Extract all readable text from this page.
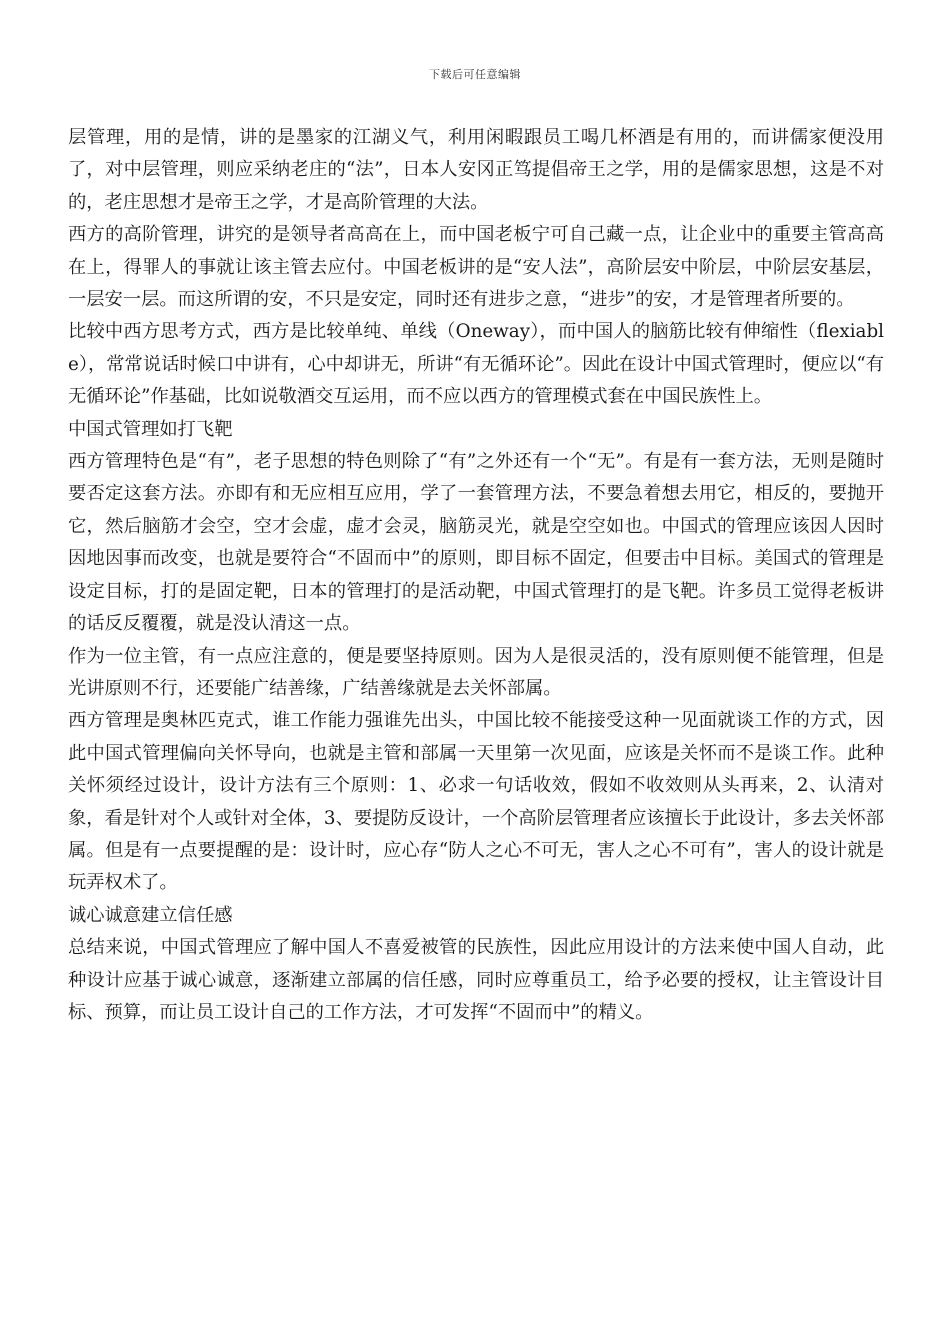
下载后可任意编辑

层管理，用的是情，讲的是墨家的江湖义气，利用闲暇跟员工喝几杯酒是有用的，而讲儒家便没用了，对中层管理，则应采纳老庄的“法”，日本人安冈正笃提倡帝王之学，用的是儒家思想，这是不对的，老庄思想才是帝王之学，才是高阶管理的大法。

西方的高阶管理，讲究的是领导者高高在上，而中国老板宁可自己藏一点，让企业中的重要主管高高在上，得罪人的事就让该主管去应付。中国老板讲的是“安人法”，高阶层安中阶层，中阶层安基层，一层安一层。而这所谓的安，不只是安定，同时还有进步之意，“进步”的安，才是管理者所要的。

比较中西方思考方式，西方是比较单纯、单线（Oneway），而中国人的脑筋比较有伸缩性（flexiable），常常说话时候口中讲有，心中却讲无，所讲“有无循环论”。因此在设计中国式管理时，便应以“有无循环论”作基础，比如说敬酒交互运用，而不应以西方的管理模式套在中国民族性上。

中国式管理如打飞靶

西方管理特色是“有”，老子思想的特色则除了“有”之外还有一个“无”。有是有一套方法，无则是随时要否定这套方法。亦即有和无应相互应用，学了一套管理方法，不要急着想去用它，相反的，要抛开它，然后脑筋才会空，空才会虚，虚才会灵，脑筋灵光，就是空空如也。中国式的管理应该因人因时因地因事而改变，也就是要符合“不固而中”的原则，即目标不固定，但要击中目标。美国式的管理是设定目标，打的是固定靶，日本的管理打的是活动靶，中国式管理打的是飞靶。许多员工觉得老板讲的话反反覆覆，就是没认清这一点。

作为一位主管，有一点应注意的，便是要坚持原则。因为人是很灵活的，没有原则便不能管理，但是光讲原则不行，还要能广结善缘，广结善缘就是去关怀部属。

西方管理是奥林匹克式，谁工作能力强谁先出头，中国比较不能接受这种一见面就谈工作的方式，因此中国式管理偏向关怀导向，也就是主管和部属一天里第一次见面，应该是关怀而不是谈工作。此种关怀须经过设计，设计方法有三个原则：1、必求一句话收效，假如不收效则从头再来，2、认清对象，看是针对个人或针对全体，3、要提防反设计，一个高阶层管理者应该擅长于此设计，多去关怀部属。但是有一点要提醒的是：设计时，应心存“防人之心不可无，害人之心不可有”，害人的设计就是玩弄权术了。

诚心诚意建立信任感

总结来说，中国式管理应了解中国人不喜爱被管的民族性，因此应用设计的方法来使中国人自动，此种设计应基于诚心诚意，逐渐建立部属的信任感，同时应尊重员工，给予必要的授权，让主管设计目标、预算，而让员工设计自己的工作方法，才可发挥“不固而中”的精义。
